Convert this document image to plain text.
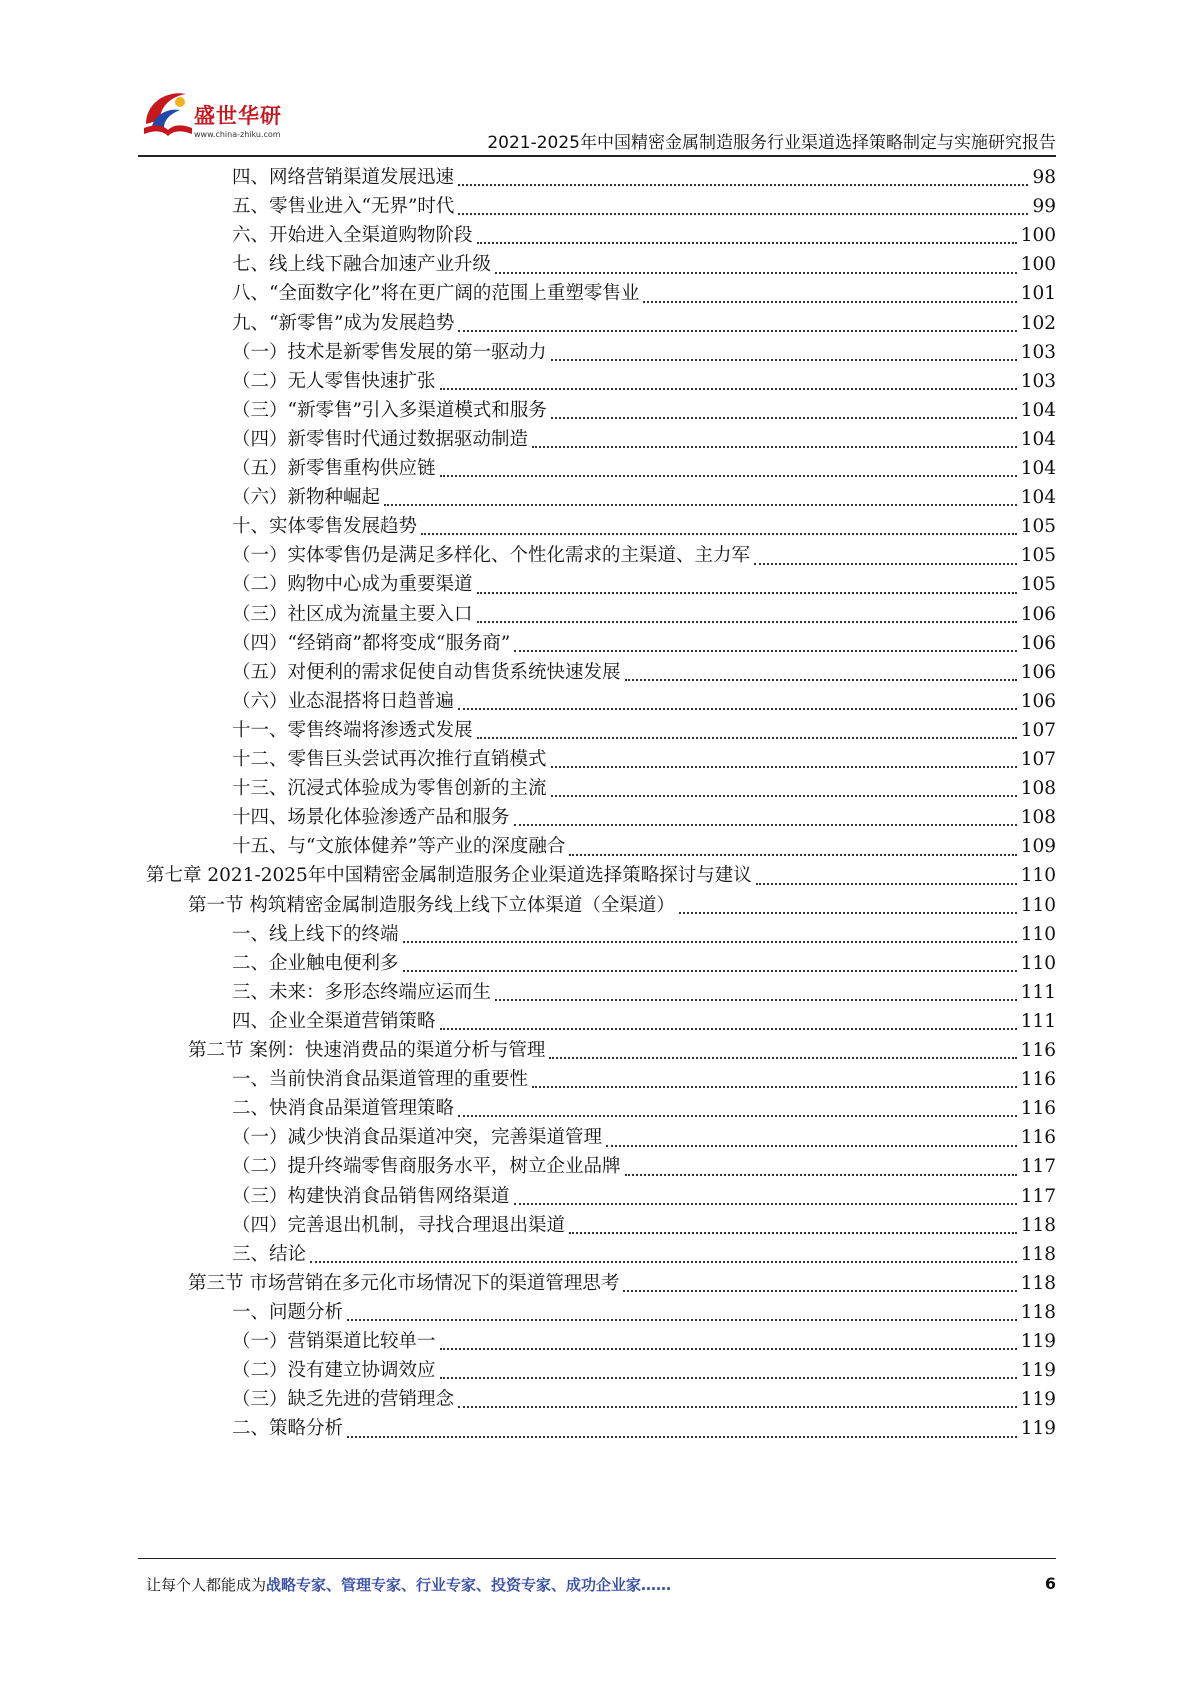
盛世华研
www.china-zhiku.com	2021-2025年中国精密金属制造服务行业渠道选择策略制定与实施研究报告
四、网络营销渠道发展迅速	98
五、零售业进入“无界”时代	99
六、开始进入全渠道购物阶段	100
七、线上线下融合加速产业升级	100
八、“全面数字化”将在更广阔的范围上重塑零售业	101
九、“新零售”成为发展趋势	102
（一）技术是新零售发展的第一驱动力	103
（二）无人零售快速扩张	103
（三）“新零售”引入多渠道模式和服务	104
（四）新零售时代通过数据驱动制造	104
（五）新零售重构供应链	104
（六）新物种崛起	104
十、实体零售发展趋势	105
（一）实体零售仍是满足多样化、个性化需求的主渠道、主力军	105
（二）购物中心成为重要渠道	105
（三）社区成为流量主要入口	106
（四）“经销商”都将变成“服务商”	106
（五）对便利的需求促使自动售货系统快速发展	106
（六）业态混搭将日趋普遍	106
十一、零售终端将渗透式发展	107
十二、零售巨头尝试再次推行直销模式	107
十三、沉浸式体验成为零售创新的主流	108
十四、场景化体验渗透产品和服务	108
十五、与“文旅体健养”等产业的深度融合	109
第七章 2021-2025年中国精密金属制造服务企业渠道选择策略探讨与建议	110
第一节 构筑精密金属制造服务线上线下立体渠道（全渠道）	110
一、线上线下的终端	110
二、企业触电便利多	110
三、未来：多形态终端应运而生	111
四、企业全渠道营销策略	111
第二节 案例：快速消费品的渠道分析与管理	116
一、当前快消食品渠道管理的重要性	116
二、快消食品渠道管理策略	116
（一）减少快消食品渠道冲突，完善渠道管理	116
（二）提升终端零售商服务水平，树立企业品牌	117
（三）构建快消食品销售网络渠道	117
（四）完善退出机制，寻找合理退出渠道	118
三、结论	118
第三节 市场营销在多元化市场情况下的渠道管理思考	118
一、问题分析	118
（一）营销渠道比较单一	119
（二）没有建立协调效应	119
（三）缺乏先进的营销理念	119
二、策略分析	119
让每个人都能成为战略专家、管理专家、行业专家、投资专家、成功企业家……	6
